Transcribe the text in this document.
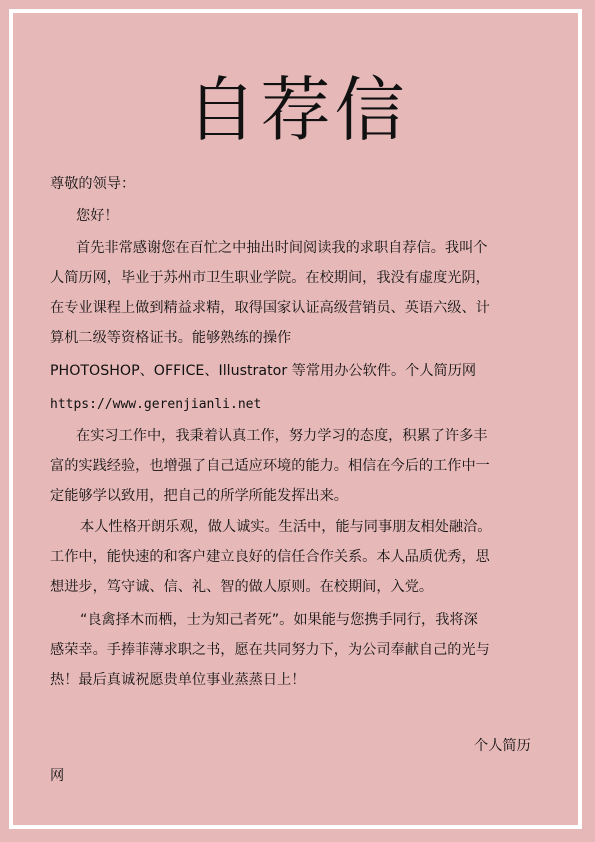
自荐信
尊敬的领导：
您好！
首先非常感谢您在百忙之中抽出时间阅读我的求职自荐信。我叫个
人简历网，毕业于苏州市卫生职业学院。在校期间，我没有虚度光阴，
在专业课程上做到精益求精，取得国家认证高级营销员、英语六级、计
算机二级等资格证书。能够熟练的操作
PHOTOSHOP、OFFICE、Illustrator 等常用办公软件。个人简历网
https://www.gerenjianli.net
在实习工作中，我秉着认真工作，努力学习的态度，积累了许多丰
富的实践经验，也增强了自己适应环境的能力。相信在今后的工作中一
定能够学以致用，把自己的所学所能发挥出来。
本人性格开朗乐观，做人诚实。生活中，能与同事朋友相处融洽。
工作中，能快速的和客户建立良好的信任合作关系。本人品质优秀，思
想进步，笃守诚、信、礼、智的做人原则。在校期间，入党。
“良禽择木而栖，士为知己者死”。如果能与您携手同行，我将深
感荣幸。手捧菲薄求职之书，愿在共同努力下，为公司奉献自己的光与
热！最后真诚祝愿贵单位事业蒸蒸日上！
个人简历
网
